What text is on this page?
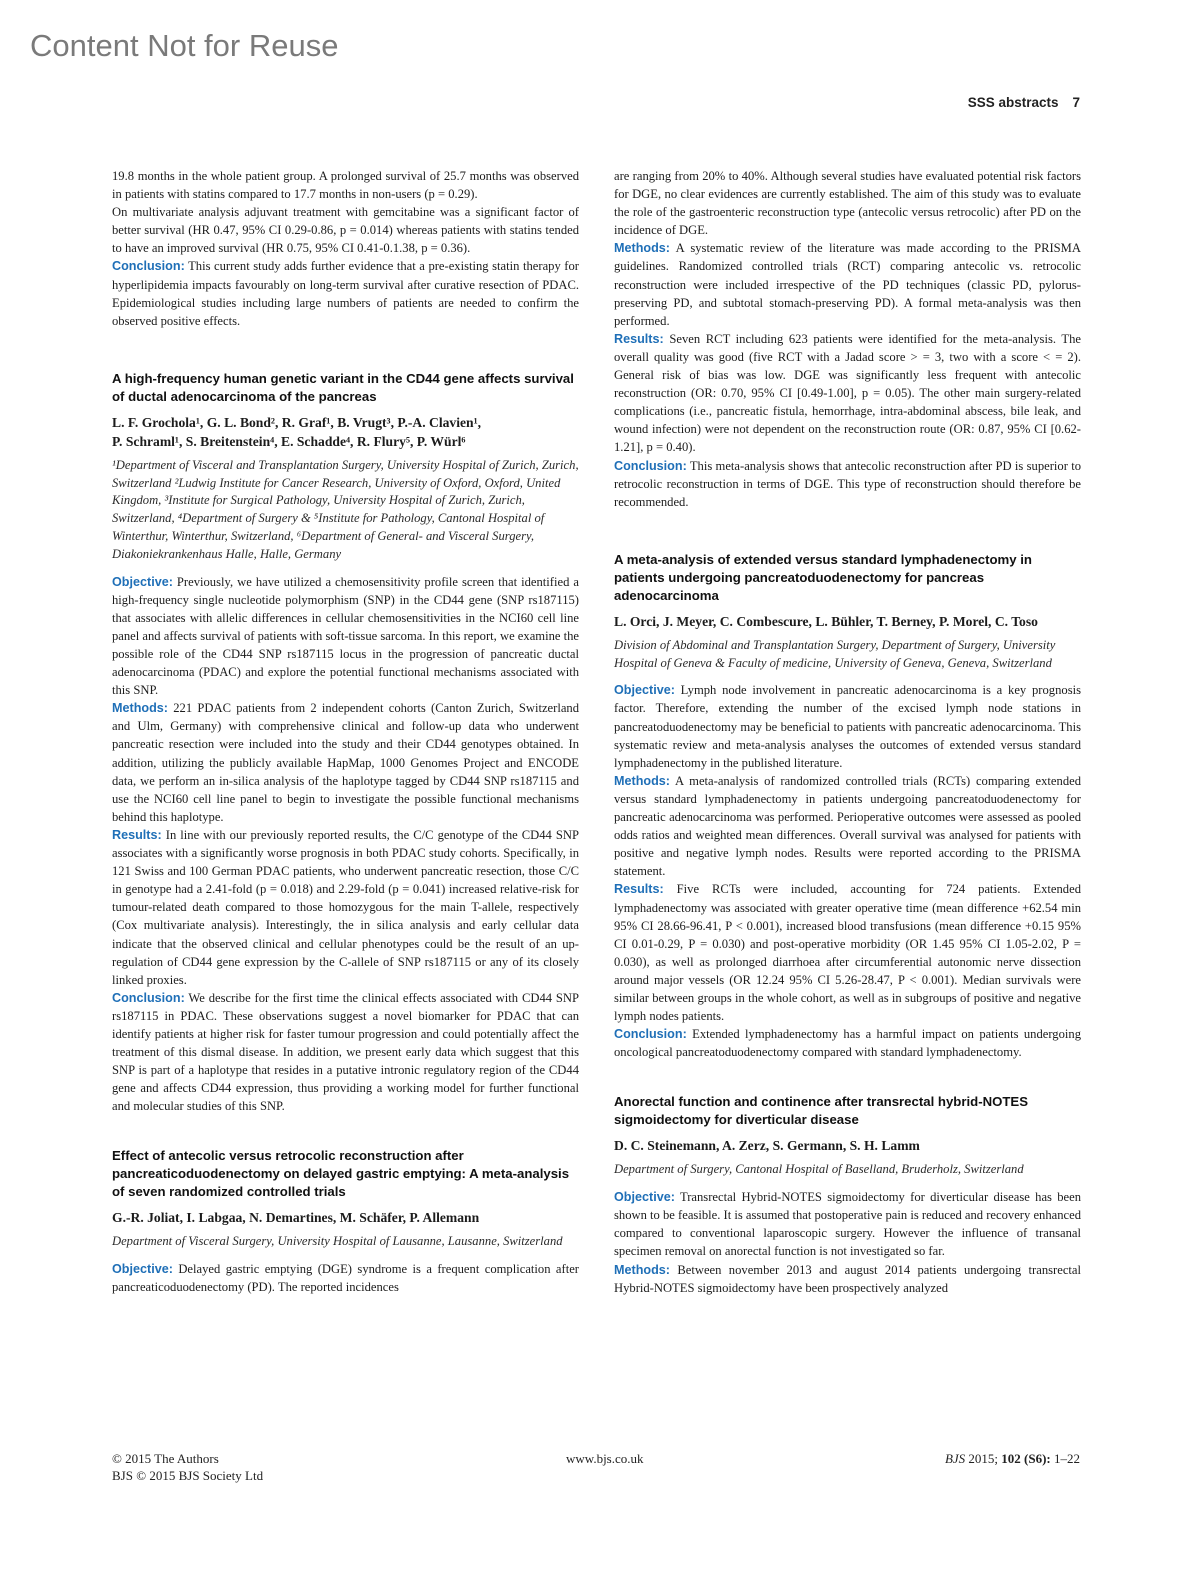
Content Not for Reuse
SSS abstracts 7

19.8 months in the whole patient group. A prolonged survival of 25.7 months was observed in patients with statins compared to 17.7 months in non-users (p = 0.29).

On multivariate analysis adjuvant treatment with gemcitabine was a significant factor of better survival (HR 0.47, 95% CI 0.29-0.86, p = 0.014) whereas patients with statins tended to have an improved survival (HR 0.75, 95% CI 0.41-0.1.38, p = 0.36).

Conclusion: This current study adds further evidence that a pre-existing statin therapy for hyperlipidemia impacts favourably on long-term survival after curative resection of PDAC. Epidemiological studies including large numbers of patients are needed to confirm the observed positive effects.

A high-frequency human genetic variant in the CD44 gene affects survival of ductal adenocarcinoma of the pancreas
L. F. Grochola¹, G. L. Bond², R. Graf¹, B. Vrugt³, P.-A. Clavien¹,
P. Schraml¹, S. Breitenstein⁴, E. Schadde⁴, R. Flury⁵, P. Würl⁶
¹Department of Visceral and Transplantation Surgery, University Hospital of Zurich, Zurich, Switzerland ²Ludwig Institute for Cancer Research, University of Oxford, Oxford, United Kingdom, ³Institute for Surgical Pathology, University Hospital of Zurich, Zurich, Switzerland, ⁴Department of Surgery & ⁵Institute for Pathology, Cantonal Hospital of Winterthur, Winterthur, Switzerland, ⁶Department of General- and Visceral Surgery, Diakoniekrankenhaus Halle, Halle, Germany

Objective: Previously, we have utilized a chemosensitivity profile screen that identified a high-frequency single nucleotide polymorphism (SNP) in the CD44 gene (SNP rs187115) that associates with allelic differences in cellular chemosensitivities in the NCI60 cell line panel and affects survival of patients with soft-tissue sarcoma. In this report, we examine the possible role of the CD44 SNP rs187115 locus in the progression of pancreatic ductal adenocarcinoma (PDAC) and explore the potential functional mechanisms associated with this SNP.

Methods: 221 PDAC patients from 2 independent cohorts (Canton Zurich, Switzerland and Ulm, Germany) with comprehensive clinical and follow-up data who underwent pancreatic resection were included into the study and their CD44 genotypes obtained. In addition, utilizing the publicly available HapMap, 1000 Genomes Project and ENCODE data, we perform an in-silica analysis of the haplotype tagged by CD44 SNP rs187115 and use the NCI60 cell line panel to begin to investigate the possible functional mechanisms behind this haplotype.

Results: In line with our previously reported results, the C/C genotype of the CD44 SNP associates with a significantly worse prognosis in both PDAC study cohorts. Specifically, in 121 Swiss and 100 German PDAC patients, who underwent pancreatic resection, those C/C in genotype had a 2.41-fold (p = 0.018) and 2.29-fold (p = 0.041) increased relative-risk for tumour-related death compared to those homozygous for the main T-allele, respectively (Cox multivariate analysis). Interestingly, the in silica analysis and early cellular data indicate that the observed clinical and cellular phenotypes could be the result of an up-regulation of CD44 gene expression by the C-allele of SNP rs187115 or any of its closely linked proxies.

Conclusion: We describe for the first time the clinical effects associated with CD44 SNP rs187115 in PDAC. These observations suggest a novel biomarker for PDAC that can identify patients at higher risk for faster tumour progression and could potentially affect the treatment of this dismal disease. In addition, we present early data which suggest that this SNP is part of a haplotype that resides in a putative intronic regulatory region of the CD44 gene and affects CD44 expression, thus providing a working model for further functional and molecular studies of this SNP.

Effect of antecolic versus retrocolic reconstruction after pancreaticoduodenectomy on delayed gastric emptying: A meta-analysis of seven randomized controlled trials
G.-R. Joliat, I. Labgaa, N. Demartines, M. Schäfer, P. Allemann
Department of Visceral Surgery, University Hospital of Lausanne, Lausanne, Switzerland

Objective: Delayed gastric emptying (DGE) syndrome is a frequent complication after pancreaticoduodenectomy (PD). The reported incidences

are ranging from 20% to 40%. Although several studies have evaluated potential risk factors for DGE, no clear evidences are currently established. The aim of this study was to evaluate the role of the gastroenteric reconstruction type (antecolic versus retrocolic) after PD on the incidence of DGE.

Methods: A systematic review of the literature was made according to the PRISMA guidelines. Randomized controlled trials (RCT) comparing antecolic vs. retrocolic reconstruction were included irrespective of the PD techniques (classic PD, pylorus-preserving PD, and subtotal stomach-preserving PD). A formal meta-analysis was then performed.

Results: Seven RCT including 623 patients were identified for the meta-analysis. The overall quality was good (five RCT with a Jadad score > = 3, two with a score < = 2). General risk of bias was low. DGE was significantly less frequent with antecolic reconstruction (OR: 0.70, 95% CI [0.49-1.00], p = 0.05). The other main surgery-related complications (i.e., pancreatic fistula, hemorrhage, intra-abdominal abscess, bile leak, and wound infection) were not dependent on the reconstruction route (OR: 0.87, 95% CI [0.62-1.21], p = 0.40).

Conclusion: This meta-analysis shows that antecolic reconstruction after PD is superior to retrocolic reconstruction in terms of DGE. This type of reconstruction should therefore be recommended.

A meta-analysis of extended versus standard lymphadenectomy in patients undergoing pancreatoduodenectomy for pancreas adenocarcinoma
L. Orci, J. Meyer, C. Combescure, L. Bühler, T. Berney, P. Morel, C. Toso
Division of Abdominal and Transplantation Surgery, Department of Surgery, University Hospital of Geneva & Faculty of medicine, University of Geneva, Geneva, Switzerland

Objective: Lymph node involvement in pancreatic adenocarcinoma is a key prognosis factor. Therefore, extending the number of the excised lymph node stations in pancreatoduodenectomy may be beneficial to patients with pancreatic adenocarcinoma. This systematic review and meta-analysis analyses the outcomes of extended versus standard lymphadenectomy in the published literature.

Methods: A meta-analysis of randomized controlled trials (RCTs) comparing extended versus standard lymphadenectomy in patients undergoing pancreatoduodenectomy for pancreatic adenocarcinoma was performed. Perioperative outcomes were assessed as pooled odds ratios and weighted mean differences. Overall survival was analysed for patients with positive and negative lymph nodes. Results were reported according to the PRISMA statement.

Results: Five RCTs were included, accounting for 724 patients. Extended lymphadenectomy was associated with greater operative time (mean difference +62.54 min 95% CI 28.66-96.41, P < 0.001), increased blood transfusions (mean difference +0.15 95% CI 0.01-0.29, P = 0.030) and post-operative morbidity (OR 1.45 95% CI 1.05-2.02, P = 0.030), as well as prolonged diarrhoea after circumferential autonomic nerve dissection around major vessels (OR 12.24 95% CI 5.26-28.47, P < 0.001). Median survivals were similar between groups in the whole cohort, as well as in subgroups of positive and negative lymph nodes patients.

Conclusion: Extended lymphadenectomy has a harmful impact on patients undergoing oncological pancreatoduodenectomy compared with standard lymphadenectomy.

Anorectal function and continence after transrectal hybrid-NOTES sigmoidectomy for diverticular disease
D. C. Steinemann, A. Zerz, S. Germann, S. H. Lamm
Department of Surgery, Cantonal Hospital of Baselland, Bruderholz, Switzerland

Objective: Transrectal Hybrid-NOTES sigmoidectomy for diverticular disease has been shown to be feasible. It is assumed that postoperative pain is reduced and recovery enhanced compared to conventional laparoscopic surgery. However the influence of transanal specimen removal on anorectal function is not investigated so far.

Methods: Between november 2013 and august 2014 patients undergoing transrectal Hybrid-NOTES sigmoidectomy have been prospectively analyzed

© 2015 The Authors
BJS © 2015 BJS Society Ltd
www.bjs.co.uk	BJS 2015; 102 (S6): 1–22
